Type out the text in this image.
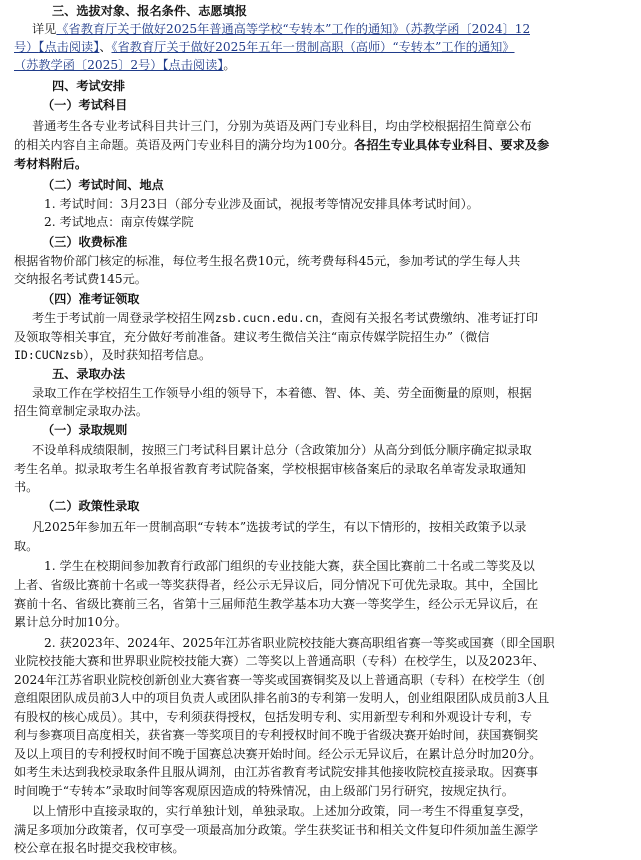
三、选拔对象、报名条件、志愿填报
详见《省教育厅关于做好2025年普通高等学校“专转本”工作的通知》（苏教学函〔2024〕12
号）【点击阅读】、《省教育厅关于做好2025年五年一贯制高职（高师）“专转本”工作的通知》
（苏教学函〔2025〕2号）【点击阅读】。
四、考试安排
（一）考试科目
普通考生各专业考试科目共计三门，分别为英语及两门专业科目，均由学校根据招生简章公布
的相关内容自主命题。英语及两门专业科目的满分均为100分。各招生专业具体专业科目、要求及参
考材料附后。
（二）考试时间、地点
1. 考试时间：3月23日（部分专业涉及面试，视报考等情况安排具体考试时间）。
2. 考试地点：南京传媒学院
（三）收费标准
根据省物价部门核定的标准，每位考生报名费10元，统考费每科45元，参加考试的学生每人共
交纳报名考试费145元。
（四）准考证领取
考生于考试前一周登录学校招生网zsb.cucn.edu.cn，查阅有关报名考试费缴纳、准考证打印
及领取等相关事宜，充分做好考前准备。建议考生微信关注“南京传媒学院招生办”（微信
ID:CUCNzsb），及时获知招考信息。
五、录取办法
录取工作在学校招生工作领导小组的领导下，本着德、智、体、美、劳全面衡量的原则，根据
招生简章制定录取办法。
（一）录取规则
不设单科成绩限制，按照三门考试科目累计总分（含政策加分）从高分到低分顺序确定拟录取
考生名单。拟录取考生名单报省教育考试院备案，学校根据审核备案后的录取名单寄发录取通知
书。
（二）政策性录取
凡2025年参加五年一贯制高职“专转本”选拔考试的学生，有以下情形的，按相关政策予以录
取。
1. 学生在校期间参加教育行政部门组织的专业技能大赛，获全国比赛前二十名或二等奖及以
上者、省级比赛前十名或一等奖获得者，经公示无异议后，同分情况下可优先录取。其中，全国比
赛前十名、省级比赛前三名，省第十三届师范生教学基本功大赛一等奖学生，经公示无异议后，在
累计总分时加10分。
2. 获2023年、2024年、2025年江苏省职业院校技能大赛高职组省赛一等奖或国赛（即全国职
业院校技能大赛和世界职业院校技能大赛）二等奖以上普通高职（专科）在校学生，以及2023年、
2024年江苏省职业院校创新创业大赛省赛一等奖或国赛铜奖及以上普通高职（专科）在校学生（创
意组限团队成员前3人中的项目负责人或团队排名前3的专利第一发明人，创业组限团队成员前3人且
有股权的核心成员）。其中，专利须获得授权，包括发明专利、实用新型专利和外观设计专利，专
利与参赛项目高度相关，获省赛一等奖项目的专利授权时间不晚于省级决赛开始时间，获国赛铜奖
及以上项目的专利授权时间不晚于国赛总决赛开始时间。经公示无异议后，在累计总分时加20分。
如考生未达到我校录取条件且服从调剂，由江苏省教育考试院安排其他接收院校直接录取。因赛事
时间晚于“专转本”录取时间等客观原因造成的特殊情况，由上级部门另行研究，按规定执行。
以上情形中直接录取的，实行单独计划，单独录取。上述加分政策，同一考生不得重复享受，
满足多项加分政策者，仅可享受一项最高加分政策。学生获奖证书和相关文件复印件须加盖生源学
校公章在报名时提交我校审核。
